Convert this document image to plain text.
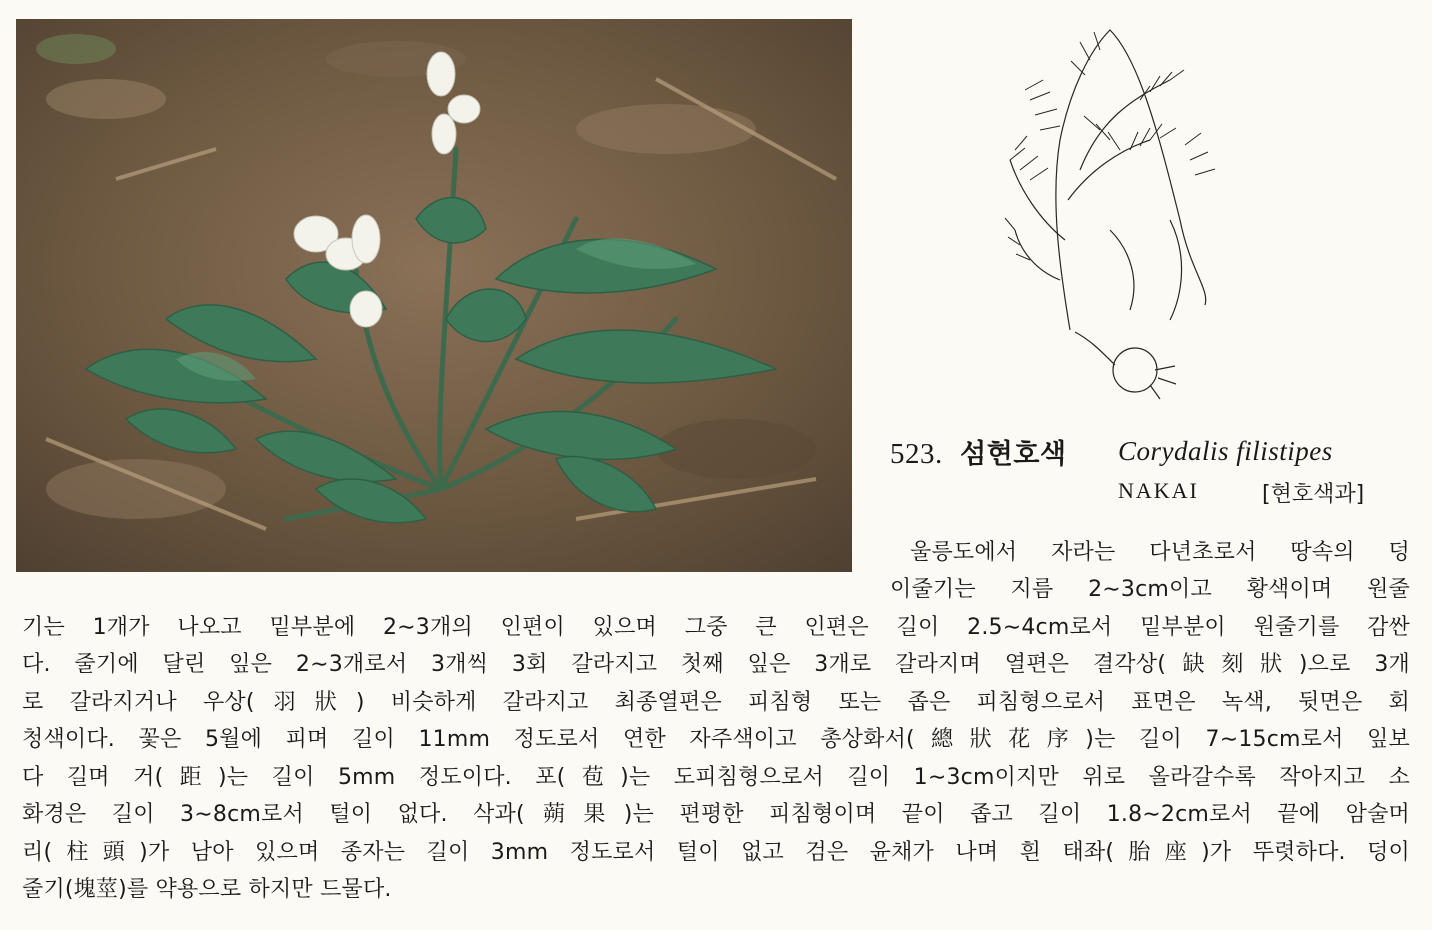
523. 섬현호색 Corydalis filistipes
NAKAI	[현호색과]
울릉도에서 자라는 다년초로서 땅속의 덩
이줄기는 지름 2∼3cm이고 황색이며 원줄
기는 1개가 나오고 밑부분에 2∼3개의 인편이 있으며 그중 큰 인편은 길이 2.5∼4cm로서 밑부분이 원줄기를 감싼
다. 줄기에 달린 잎은 2∼3개로서 3개씩 3회 갈라지고 첫째 잎은 3개로 갈라지며 열편은 결각상(缺刻狀)으로 3개
로 갈라지거나 우상(羽狀) 비슷하게 갈라지고 최종열편은 피침형 또는 좁은 피침형으로서 표면은 녹색, 뒷면은 회
청색이다. 꽃은 5월에 피며 길이 11mm 정도로서 연한 자주색이고 총상화서(總狀花序)는 길이 7∼15cm로서 잎보
다 길며 거(距)는 길이 5mm 정도이다. 포(苞)는 도피침형으로서 길이 1∼3cm이지만 위로 올라갈수록 작아지고 소
화경은 길이 3∼8cm로서 털이 없다. 삭과(蒴果)는 편평한 피침형이며 끝이 좁고 길이 1.8∼2cm로서 끝에 암술머
리(柱頭)가 남아 있으며 종자는 길이 3mm 정도로서 털이 없고 검은 윤채가 나며 흰 태좌(胎座)가 뚜렷하다. 덩이
줄기(塊莖)를 약용으로 하지만 드물다.
